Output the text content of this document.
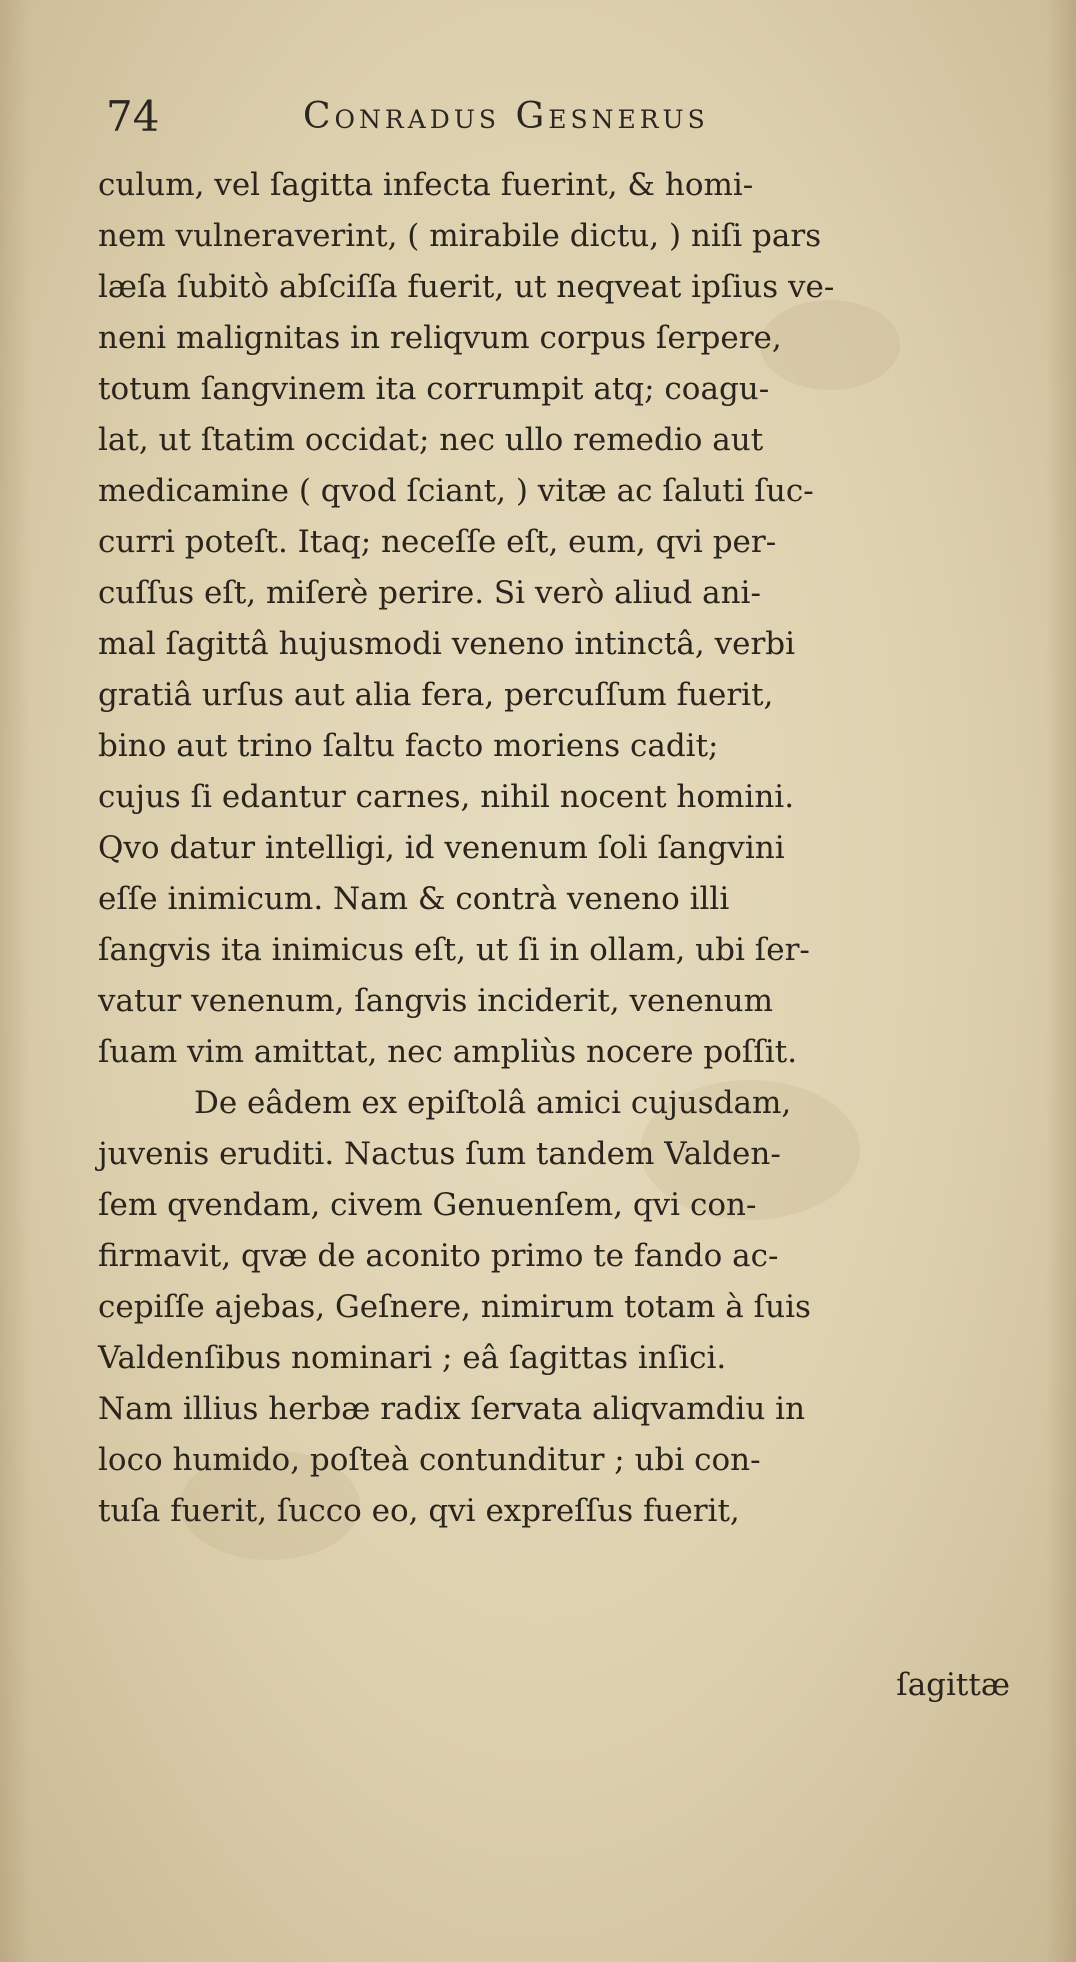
74	Conradus Gesnerus
culum, vel ſagitta infecta fuerint, & homi-
nem vulneraverint, ( mirabile dictu, ) niſi pars
læſa ſubitò abſciſſa fuerit, ut neqveat ipſius ve-
neni malignitas in reliqvum corpus ſerpere,
totum ſangvinem ita corrumpit atq; coagu-
lat, ut ſtatim occidat; nec ullo remedio aut
medicamine ( qvod ſciant, ) vitæ ac ſaluti ſuc-
curri poteſt. Itaq; neceſſe eſt, eum, qvi per-
cuſſus eſt, miſerè perire. Si verò aliud ani-
mal ſagittâ hujusmodi veneno intinctâ, verbi
gratiâ urſus aut alia fera, percuſſum fuerit,
bino aut trino ſaltu facto moriens cadit;
cujus ſi edantur carnes, nihil nocent homini.
Qvo datur intelligi, id venenum ſoli ſangvini
eſſe inimicum. Nam & contrà veneno illi
ſangvis ita inimicus eſt, ut ſi in ollam, ubi ſer-
vatur venenum, ſangvis inciderit, venenum
ſuam vim amittat, nec ampliùs nocere poſſit.
De eâdem ex epiſtolâ amici cujusdam,
juvenis eruditi. Nactus ſum tandem Valden-
ſem qvendam, civem Genuenſem, qvi con-
firmavit, qvæ de aconito primo te fando ac-
cepiſſe ajebas, Geſnere, nimirum totam à ſuis
Valdenſibus nominari ; eâ ſagittas inſici.
Nam illius herbæ radix ſervata aliqvamdiu in
loco humido, poſteà contunditur ; ubi con-
tuſa fuerit, ſucco eo, qvi expreſſus fuerit,
ſagittæ
